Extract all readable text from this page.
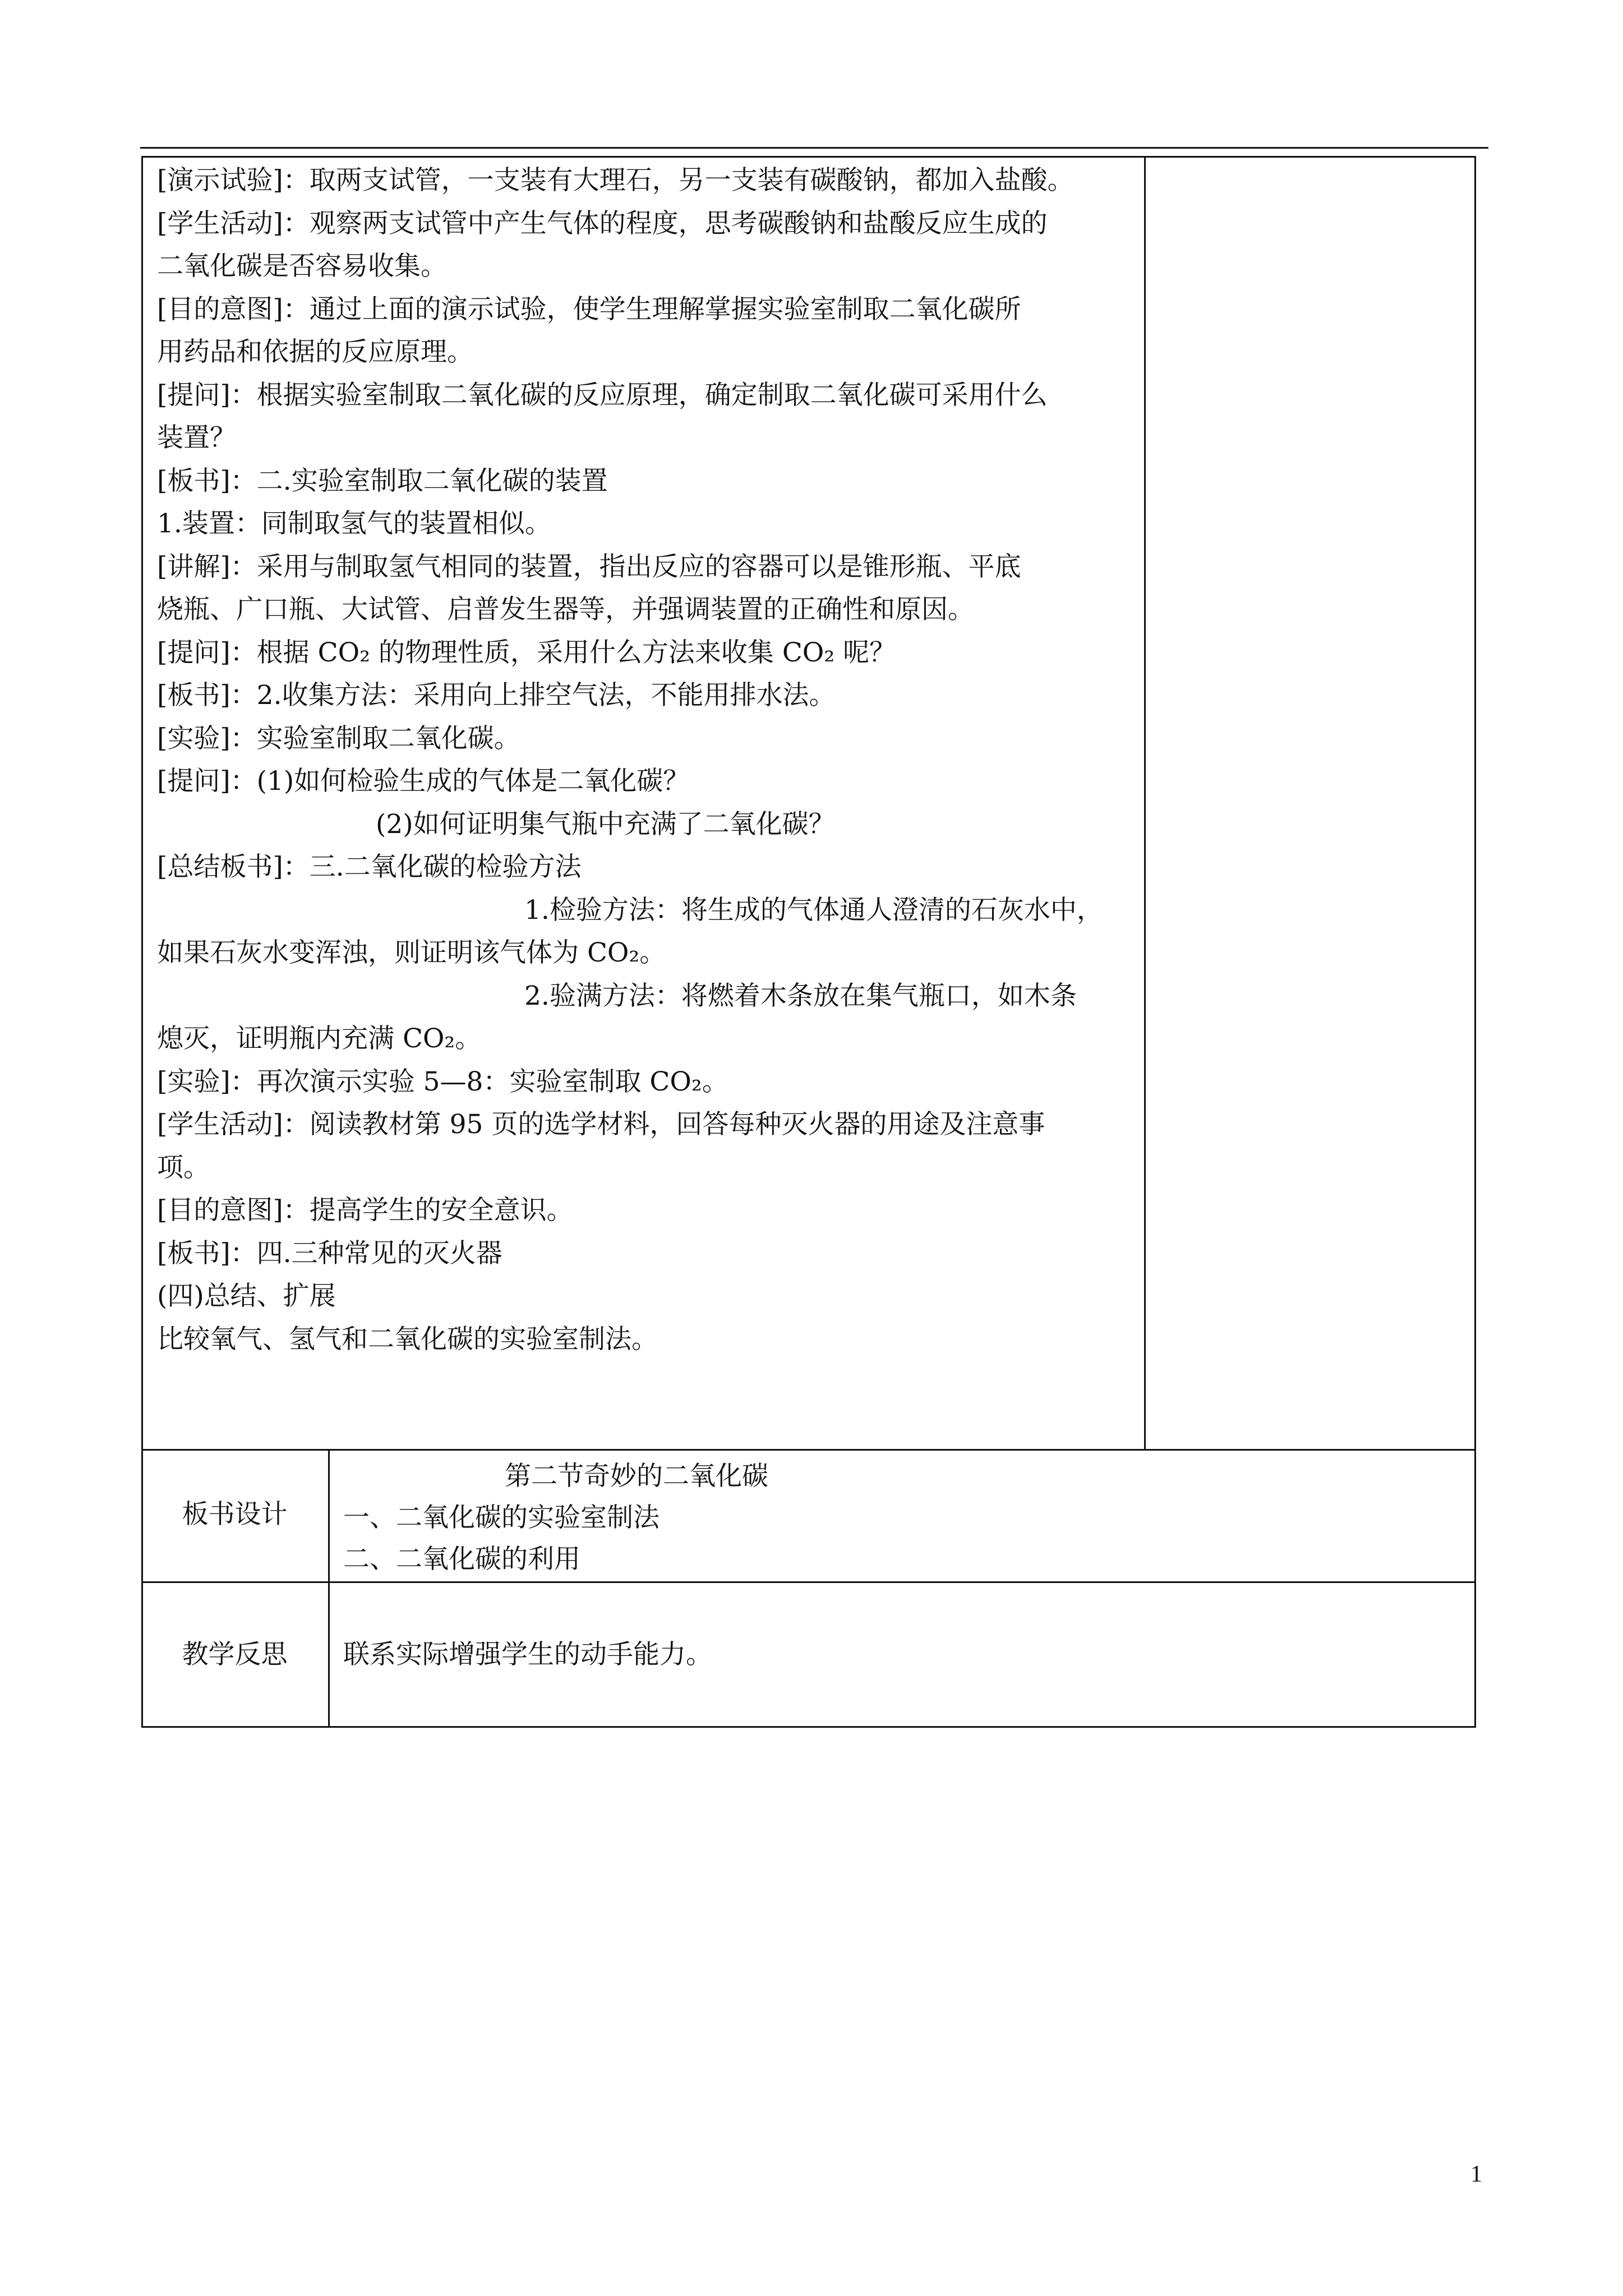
[演示试验]：取两支试管，一支装有大理石，另一支装有碳酸钠，都加入盐酸。
[学生活动]：观察两支试管中产生气体的程度，思考碳酸钠和盐酸反应生成的
二氧化碳是否容易收集。
[目的意图]：通过上面的演示试验，使学生理解掌握实验室制取二氧化碳所
用药品和依据的反应原理。
[提问]：根据实验室制取二氧化碳的反应原理，确定制取二氧化碳可采用什么
装置？
[板书]：二.实验室制取二氧化碳的装置
1.装置：同制取氢气的装置相似。
[讲解]：采用与制取氢气相同的装置，指出反应的容器可以是锥形瓶、平底
烧瓶、广口瓶、大试管、启普发生器等，并强调装置的正确性和原因。
[提问]：根据 CO₂ 的物理性质，采用什么方法来收集 CO₂ 呢？
[板书]：2.收集方法：采用向上排空气法，不能用排水法。
[实验]：实验室制取二氧化碳。
[提问]：(1)如何检验生成的气体是二氧化碳？
(2)如何证明集气瓶中充满了二氧化碳？
[总结板书]：三.二氧化碳的检验方法
1.检验方法：将生成的气体通人澄清的石灰水中，
如果石灰水变浑浊，则证明该气体为 CO₂。
2.验满方法：将燃着木条放在集气瓶口，如木条
熄灭，证明瓶内充满 CO₂。
[实验]：再次演示实验 5—8：实验室制取 CO₂。
[学生活动]：阅读教材第 95 页的选学材料，回答每种灭火器的用途及注意事
项。
[目的意图]：提高学生的安全意识。
[板书]：四.三种常见的灭火器
(四)总结、扩展
比较氧气、氢气和二氧化碳的实验室制法。
板书设计
第二节奇妙的二氧化碳
一、二氧化碳的实验室制法
二、二氧化碳的利用
教学反思	联系实际增强学生的动手能力。
1
